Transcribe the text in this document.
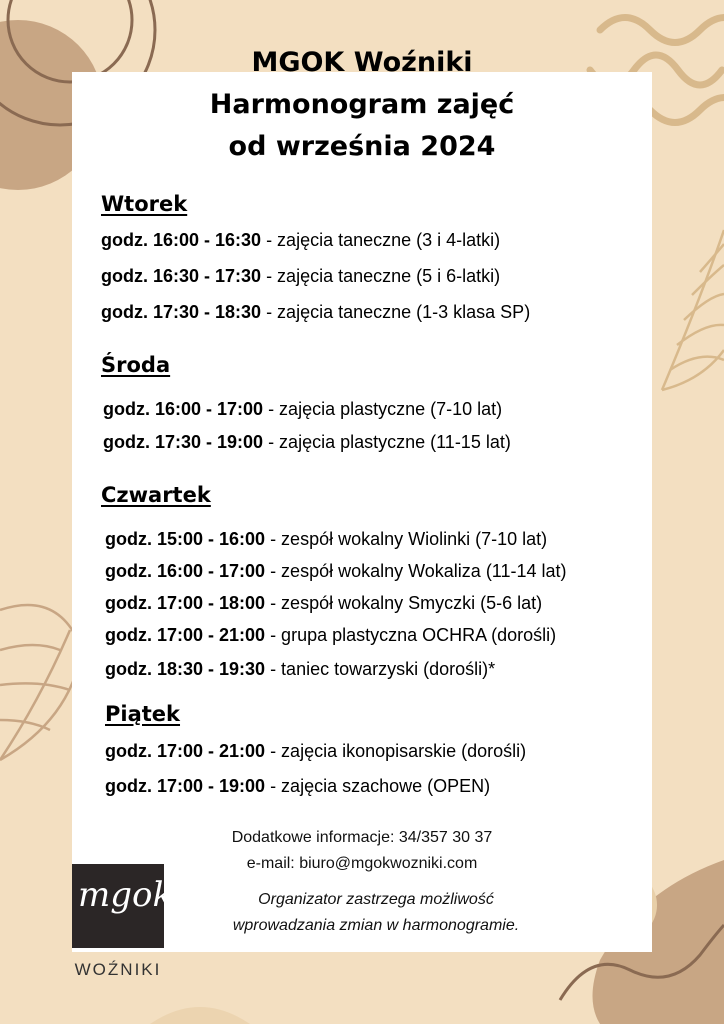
MGOK Woźniki
Harmonogram zajęć
od września 2024
Wtorek
godz. 16:00 - 16:30 - zajęcia taneczne (3 i 4-latki)
godz. 16:30 - 17:30 - zajęcia taneczne (5 i 6-latki)
godz. 17:30 - 18:30 - zajęcia taneczne (1-3 klasa SP)
Środa
godz. 16:00 - 17:00 - zajęcia plastyczne (7-10 lat)
godz. 17:30 - 19:00 - zajęcia plastyczne (11-15 lat)
Czwartek
godz. 15:00 - 16:00 - zespół wokalny Wiolinki (7-10 lat)
godz. 16:00 - 17:00 - zespół wokalny Wokaliza (11-14 lat)
godz. 17:00 - 18:00 - zespół wokalny Smyczki (5-6 lat)
godz. 17:00 - 21:00 - grupa plastyczna OCHRA (dorośli)
godz. 18:30 - 19:30 - taniec towarzyski (dorośli)*
Piątek
godz. 17:00 - 21:00 - zajęcia ikonopisarskie (dorośli)
godz. 17:00 - 19:00 - zajęcia szachowe (OPEN)
Dodatkowe informacje: 34/357 30 37
e-mail: biuro@mgokwozniki.com
Organizator zastrzega możliwość
wprowadzania zmian w harmonogramie.
mgok
WOŹNIKI
